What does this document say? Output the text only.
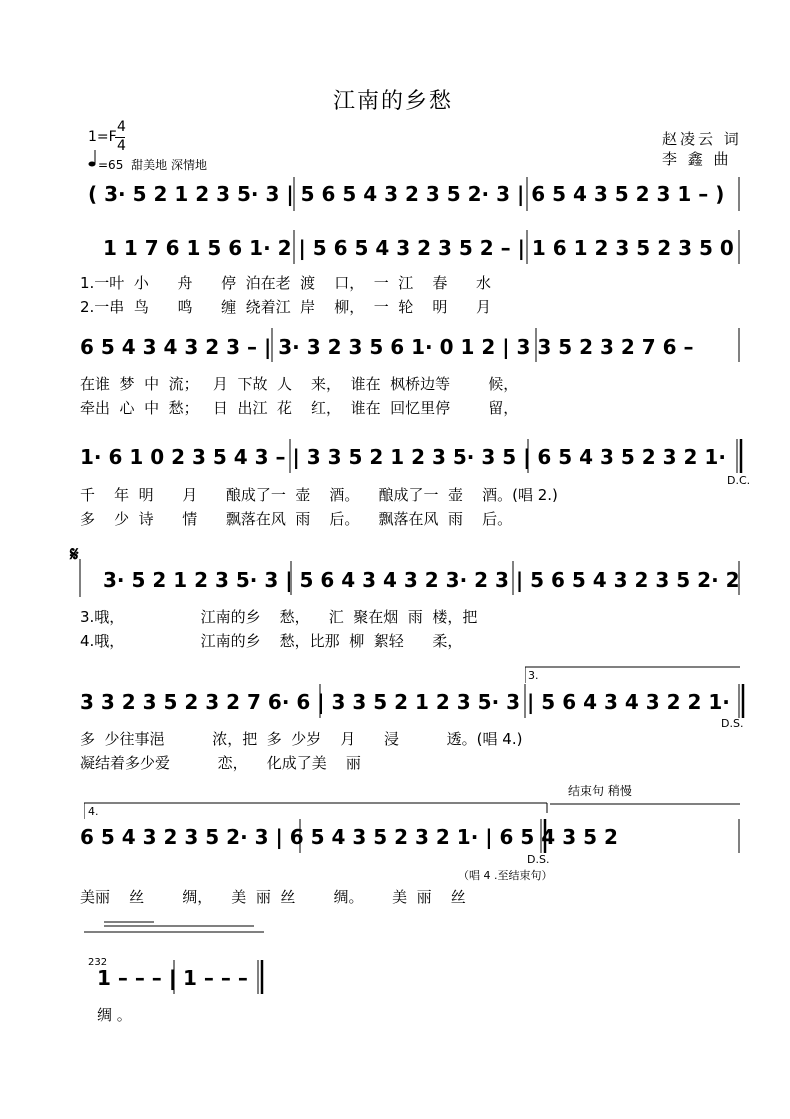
江南的乡愁
1=F
4
4
=65 甜美地 深情地
赵凌云 词
李 鑫 曲
( 3· 5 2 1 2 3 5· 3 | 5 6 5 4 3 2 3 5 2· 3 | 6 5 4 3 5 2 3 1 – )
1 1 7 6 1 5 6 1· 2 | 5 6 5 4 3 2 3 5 2 – | 1 6 1 2 3 5 2 3 5 0
1.一叶  小      舟      停  泊在老  渡    口，  一  江    春      水
2.一串  鸟      鸣      缠  绕着江  岸    柳，  一  轮    明      月
6 5 4 3 4 3 2 3 – | 3· 3 2 3 5 6 1· 0 1 2 | 3 3 5 2 3 2 7 6 –
在谁  梦  中  流；   月  下故  人    来，  谁在  枫桥边等        候，
牵出  心  中  愁；   日  出江  花    红，  谁在  回忆里停        留，
1· 6 1 0 2 3 5 4 3 – | 3 3 5 2 1 2 3 5· 3 5 | 6 5 4 3 5 2 3 2 1·
D.C.
千    年  明      月      酿成了一  壶    酒。    酿成了一  壶    酒。(唱 2.)
多    少  诗      情      飘落在风  雨    后。    飘落在风  雨    后。
𝄋
3· 5 2 1 2 3 5· 3 | 5 6 4 3 4 3 2 3· 2 3 | 5 6 5 4 3 2 3 5 2· 2
3.哦，                江南的乡    愁，    汇  聚在烟  雨  楼，把
4.哦，                江南的乡    愁，比那  柳  絮轻      柔，
3.
3 3 2 3 5 2 3 2 7 6· 6 | 3 3 5 2 1 2 3 5· 3 | 5 6 4 3 4 3 2 2 1·
D.S.
多  少往事浥          浓，把  多  少岁    月      浸          透。(唱 4.)
凝结着多少爱          恋，    化成了美    丽
结束句 稍慢
4.
6 5 4 3 2 3 5 2· 3 | 6 5 4 3 5 2 3 2 1· | 6 5 4 3 5 2
D.S.
（唱 4 .至结束句）
美丽    丝        绸，    美  丽  丝        绸。      美  丽    丝
232
1 – – – | 1 – – –
绸 。
